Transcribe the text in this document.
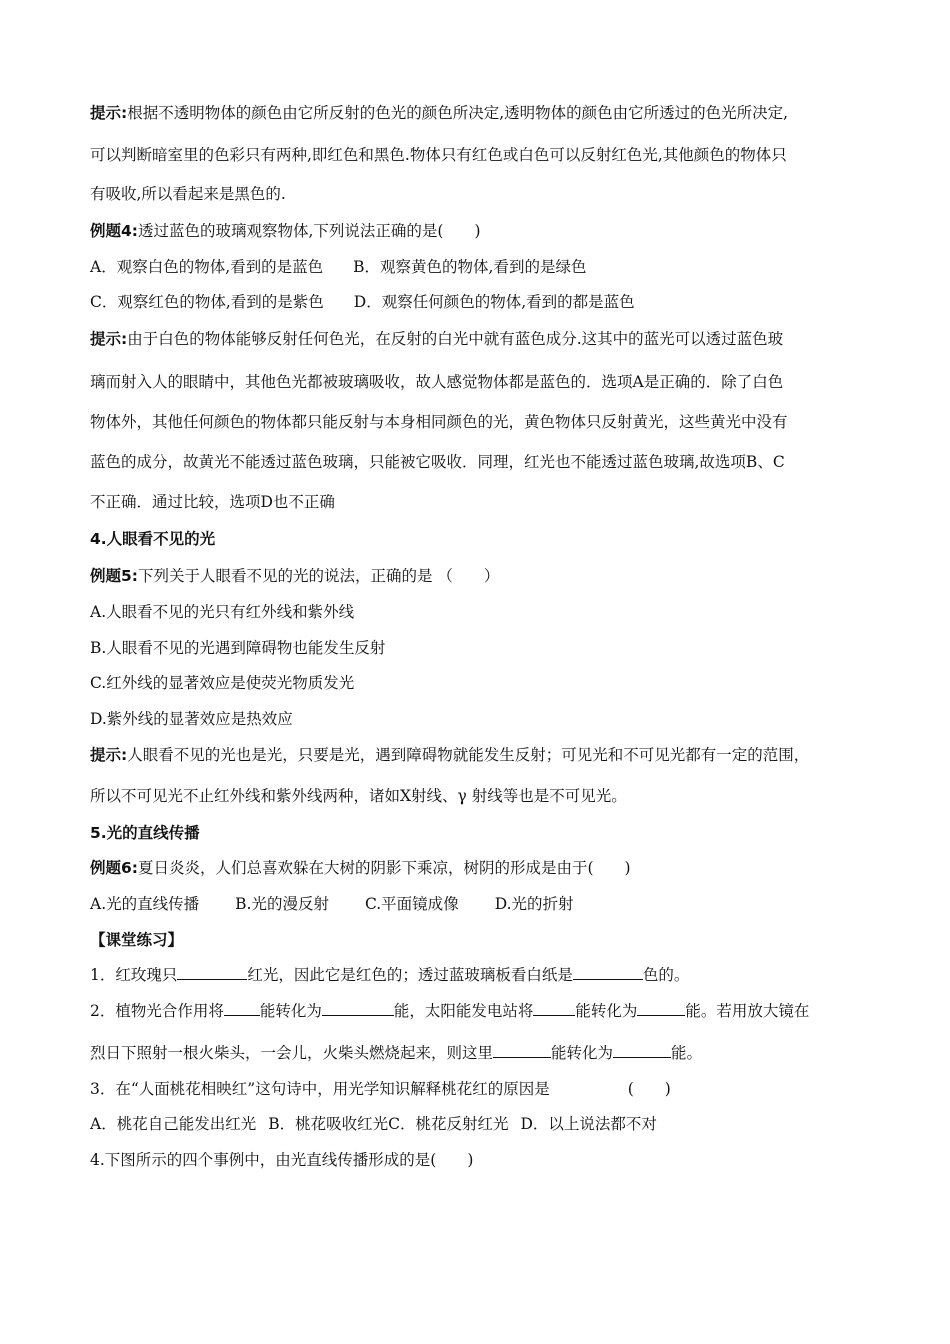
提示:根据不透明物体的颜色由它所反射的色光的颜色所决定,透明物体的颜色由它所透过的色光所决定,
可以判断暗室里的色彩只有两种,即红色和黑色.物体只有红色或白色可以反射红色光,其他颜色的物体只
有吸收,所以看起来是黑色的.
例题4:透过蓝色的玻璃观察物体,下列说法正确的是(　　)
A．观察白色的物体,看到的是蓝色 B．观察黄色的物体,看到的是绿色
C．观察红色的物体,看到的是紫色 D．观察任何颜色的物体,看到的都是蓝色
提示:由于白色的物体能够反射任何色光，在反射的白光中就有蓝色成分.这其中的蓝光可以透过蓝色玻
璃而射入人的眼睛中，其他色光都被玻璃吸收，故人感觉物体都是蓝色的．选项A是正确的．除了白色
物体外，其他任何颜色的物体都只能反射与本身相同颜色的光，黄色物体只反射黄光，这些黄光中没有
蓝色的成分，故黄光不能透过蓝色玻璃，只能被它吸收．同理，红光也不能透过蓝色玻璃,故选项B、C
不正确．通过比较，选项D也不正确
4.人眼看不见的光
例题5:下列关于人眼看不见的光的说法，正确的是 （　　）
A.人眼看不见的光只有红外线和紫外线
B.人眼看不见的光遇到障碍物也能发生反射
C.红外线的显著效应是使荧光物质发光
D.紫外线的显著效应是热效应
提示:人眼看不见的光也是光，只要是光，遇到障碍物就能发生反射；可见光和不可见光都有一定的范围，
所以不可见光不止红外线和紫外线两种，诸如X射线、γ 射线等也是不可见光。
5.光的直线传播
例题6:夏日炎炎，人们总喜欢躲在大树的阴影下乘凉，树阴的形成是由于(　　)
A.光的直线传播 B.光的漫反射 C.平面镜成像 D.光的折射
【课堂练习】
1．红玫瑰只	红光，因此它是红色的；透过蓝玻璃板看白纸是	色的。
2．植物光合作用将 能转化为	能，太阳能发电站将	能转化为	能。若用放大镜在
烈日下照射一根火柴头，一会儿，火柴头燃烧起来，则这里	能转化为	能。
3．在“人面桃花相映红”这句诗中，用光学知识解释桃花红的原因是	(　　)
A．桃花自己能发出红光 B．桃花吸收红光C．桃花反射红光 D．以上说法都不对
4.下图所示的四个事例中，由光直线传播形成的是(　　)
